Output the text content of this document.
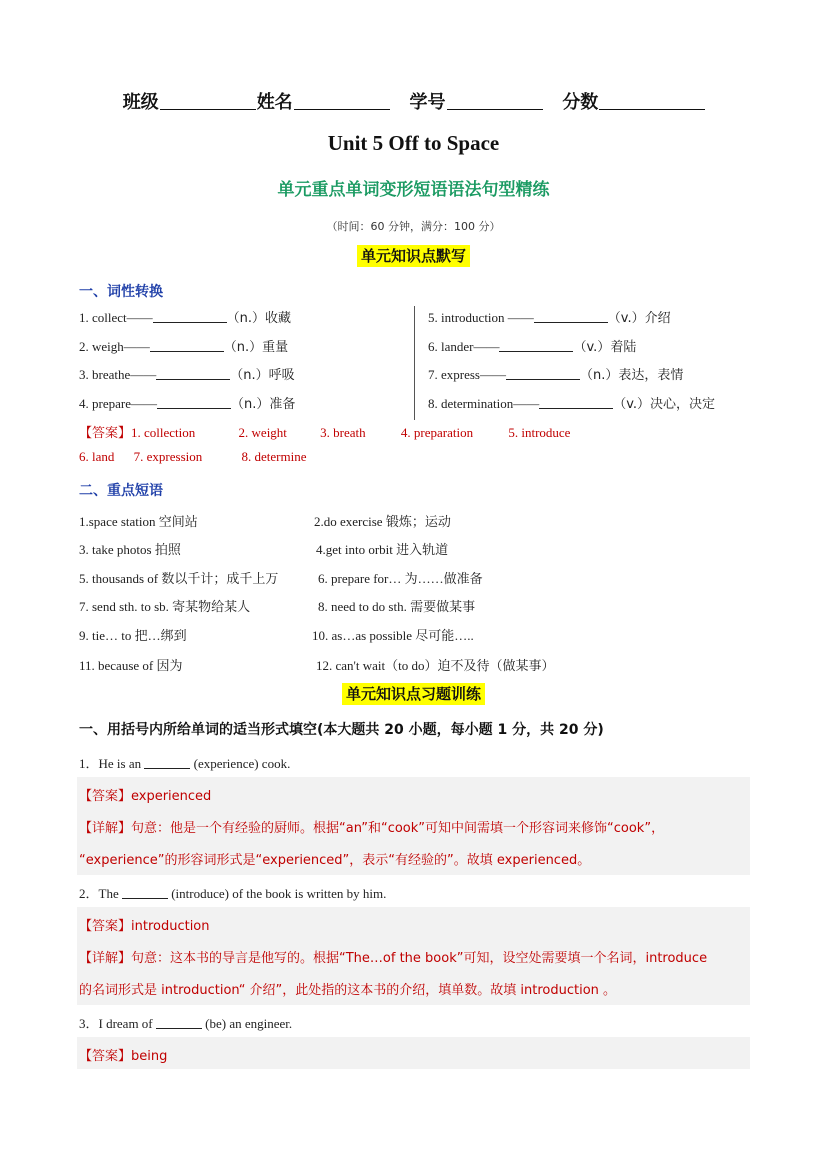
班级	姓名	学号	分数
Unit 5 Off to Space
单元重点单词变形短语语法句型精练
（时间：60 分钟，满分：100 分）
单元知识点默写
一、词性转换
1. collect——	（n.）收藏
2. weigh——	（n.）重量
3. breathe——	（n.）呼吸
4. prepare——	（n.）准备
5. introduction ——	（v.）介绍
6. lander——	（v.）着陆
7. express——	（n.）表达，表情
8. determination——	（v.）决心，决定
【答案】1. collection	2. weight	3. breath	4. preparation	5. introduce
6. land 7. expression	8. determine
二、重点短语
1.space station 空间站	2.do exercise 锻炼；运动
3. take photos 拍照	4.get into orbit 进入轨道
5. thousands of 数以千计；成千上万	6. prepare for… 为……做准备
7. send sth. to sb. 寄某物给某人	8. need to do sth. 需要做某事
9. tie… to 把…绑到	10. as…as possible 尽可能…..
11. because of 因为	12. can't wait（to do）迫不及待（做某事）
单元知识点习题训练
一、用括号内所给单词的适当形式填空(本大题共 20 小题，每小题 1 分，共 20 分)
1．He is an	(experience) cook.
【答案】experienced
【详解】句意：他是一个有经验的厨师。根据“an”和“cook”可知中间需填一个形容词来修饰“cook”，
“experience”的形容词形式是“experienced”，表示“有经验的”。故填 experienced。
2．The	(introduce) of the book is written by him.
【答案】introduction
【详解】句意：这本书的导言是他写的。根据“The…of the book”可知，设空处需要填一个名词，introduce
的名词形式是 introduction“ 介绍”，此处指的这本书的介绍，填单数。故填 introduction 。
3．I dream of	(be) an engineer.
【答案】being
